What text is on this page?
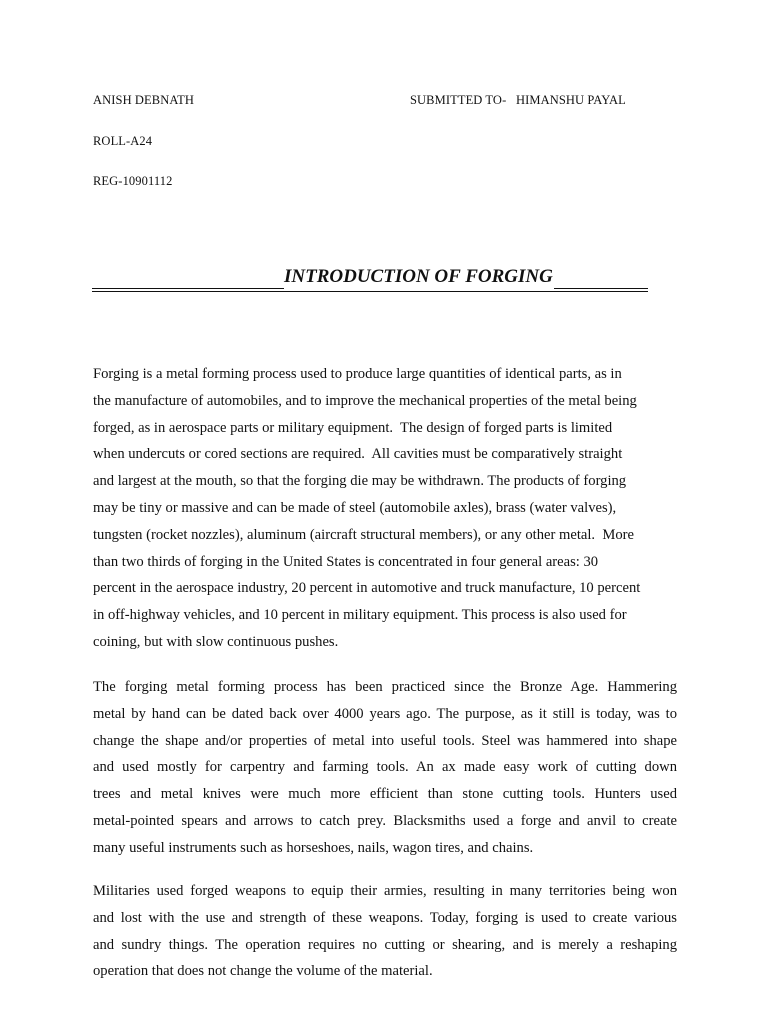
ANISH DEBNATH	SUBMITTED TO-   HIMANSHU PAYAL
ROLL-A24
REG-10901112
INTRODUCTION OF FORGING
Forging is a metal forming process used to produce large quantities of identical parts, as in
the manufacture of automobiles, and to improve the mechanical properties of the metal being
forged, as in aerospace parts or military equipment.  The design of forged parts is limited
when undercuts or cored sections are required.  All cavities must be comparatively straight
and largest at the mouth, so that the forging die may be withdrawn. The products of forging
may be tiny or massive and can be made of steel (automobile axles), brass (water valves),
tungsten (rocket nozzles), aluminum (aircraft structural members), or any other metal.  More
than two thirds of forging in the United States is concentrated in four general areas: 30
percent in the aerospace industry, 20 percent in automotive and truck manufacture, 10 percent
in off-highway vehicles, and 10 percent in military equipment. This process is also used for
coining, but with slow continuous pushes.
The forging metal forming process has been practiced since the Bronze Age. Hammering
metal by hand can be dated back over 4000 years ago. The purpose, as it still is today, was to
change the shape and/or properties of metal into useful tools. Steel was hammered into shape
and used mostly for carpentry and farming tools. An ax made easy work of cutting down
trees and metal knives were much more efficient than stone cutting tools. Hunters used
metal-pointed spears and arrows to catch prey. Blacksmiths used a forge and anvil to create
many useful instruments such as horseshoes, nails, wagon tires, and chains.
Militaries used forged weapons to equip their armies, resulting in many territories being won
and lost with the use and strength of these weapons. Today, forging is used to create various
and sundry things. The operation requires no cutting or shearing, and is merely a reshaping
operation that does not change the volume of the material.
